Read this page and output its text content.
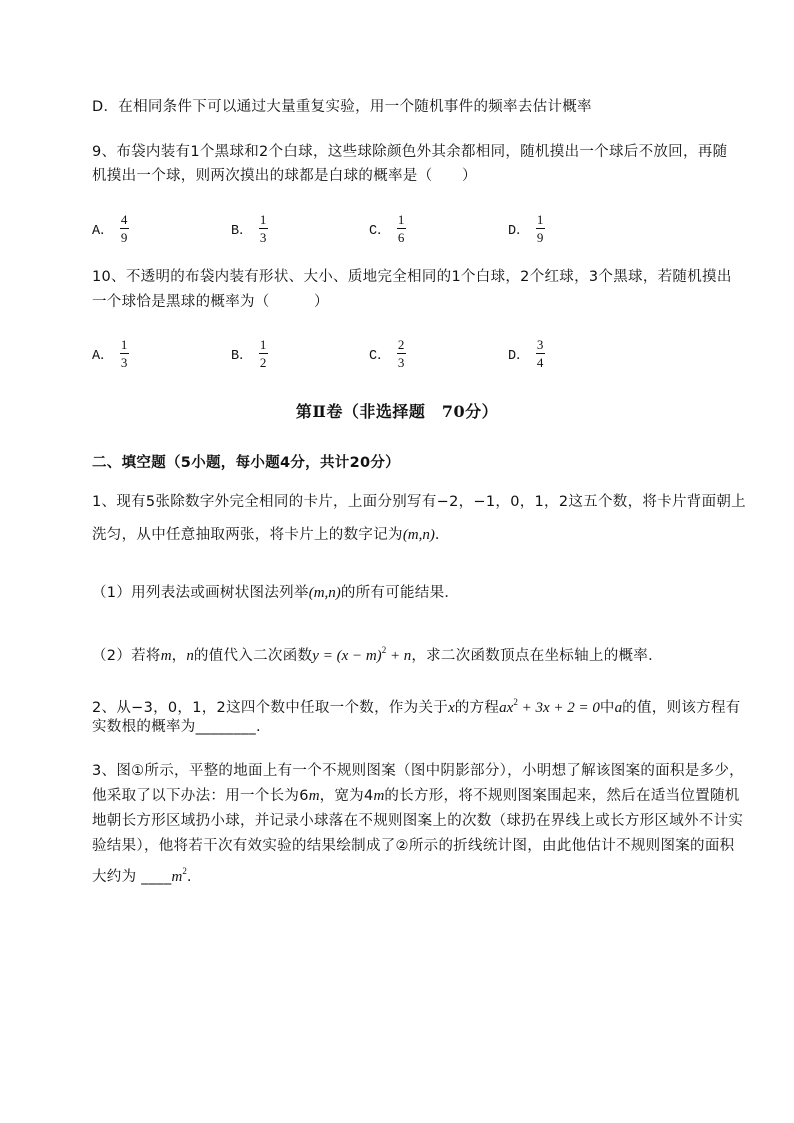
D．在相同条件下可以通过大量重复实验，用一个随机事件的频率去估计概率
9、布袋内装有1个黑球和2个白球，这些球除颜色外其余都相同，随机摸出一个球后不放回，再随
机摸出一个球，则两次摸出的球都是白球的概率是（　　）
A． $\frac{4}{9}$	B． $\frac{1}{3}$	C． $\frac{1}{6}$	D． $\frac{1}{9}$
10、不透明的布袋内装有形状、大小、质地完全相同的1个白球，2个红球，3个黑球，若随机摸出
一个球恰是黑球的概率为（　　　）
A． $\frac{1}{3}$	B． $\frac{1}{2}$	C． $\frac{2}{3}$	D． $\frac{3}{4}$
第Ⅱ卷（非选择题　70分）
二、填空题（5小题，每小题4分，共计20分）
1、现有5张除数字外完全相同的卡片，上面分别写有−2，−1，0，1，2这五个数，将卡片背面朝上
洗匀，从中任意抽取两张，将卡片上的数字记为(m,n)．
（1）用列表法或画树状图法列举(m,n)的所有可能结果．
（2）若将m，n的值代入二次函数$y = (x - m)^2 + n$，求二次函数顶点在坐标轴上的概率．
2、从−3，0，1，2这四个数中任取一个数，作为关于x的方程$ax^2 + 3x + 2 = 0$中a的值，则该方程有
实数根的概率为________.
3、图①所示，平整的地面上有一个不规则图案（图中阴影部分），小明想了解该图案的面积是多少，
他采取了以下办法：用一个长为6m，宽为4m的长方形，将不规则图案围起来，然后在适当位置随机
地朝长方形区域扔小球，并记录小球落在不规则图案上的次数（球扔在界线上或长方形区域外不计实
验结果），他将若干次有效实验的结果绘制成了②所示的折线统计图，由此他估计不规则图案的面积
大约为 $\_\_\_\_m^2$.
